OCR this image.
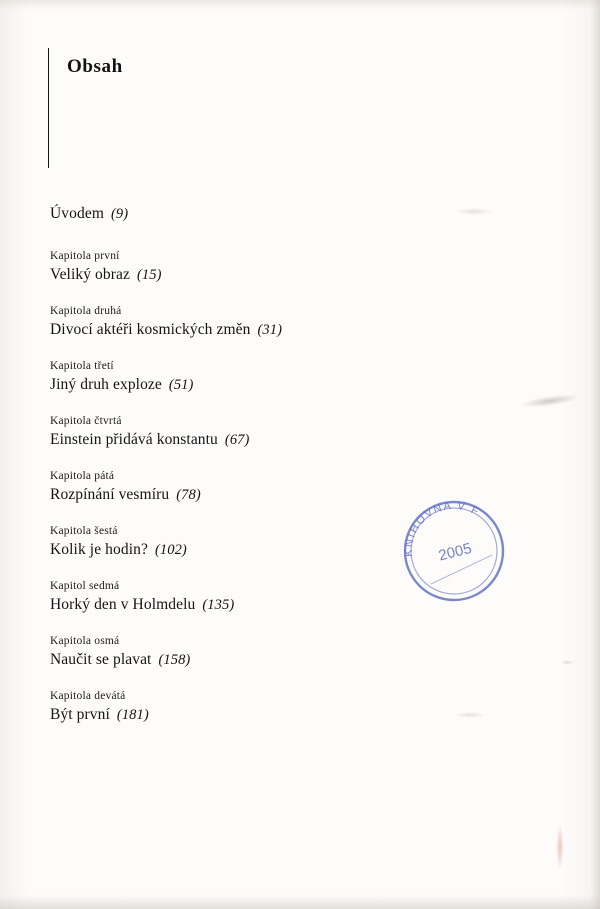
Obsah
Úvodem (9)
Kapitola první
Veliký obraz (15)
Kapitola druhá
Divocí aktéři kosmických změn (31)
Kapitola třetí
Jiný druh exploze (51)
Kapitola čtvrtá
Einstein přidává konstantu (67)
Kapitola pátá
Rozpínání vesmíru (78)
Kapitola šestá
Kolik je hodin? (102)
Kapitol sedmá
Horký den v Holmdelu (135)
Kapitola osmá
Naučit se plavat (158)
Kapitola devátá
Být první (181)
KNIHOVNA V F
2005
